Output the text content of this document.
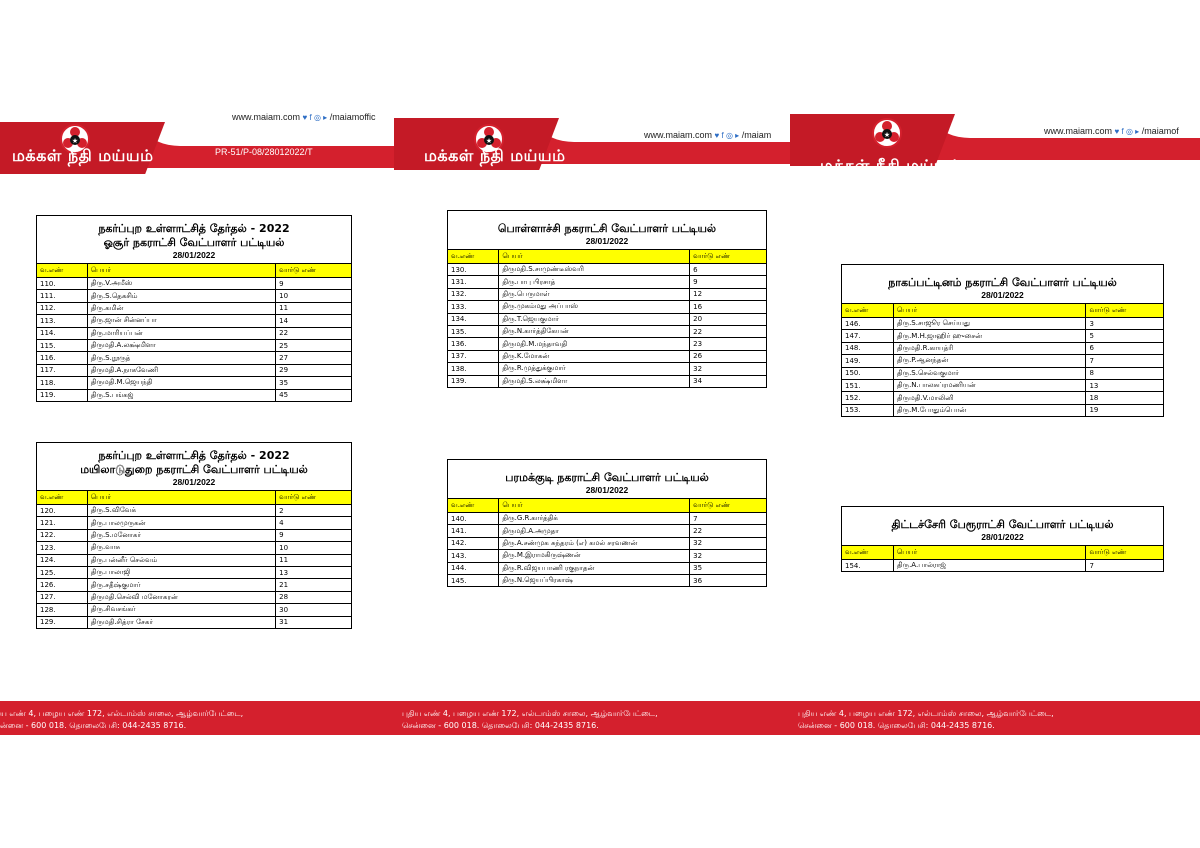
★
மக்கள் நீதி மய்யம்
www.maiam.com ♥ f ◎ ▸ /maiamoffic
PR-51/P-08/28012022/T
நகர்ப்புற உள்ளாட்சித் தேர்தல் - 2022
ஓசூர் நகராட்சி வேட்பாளர் பட்டியல்
28/01/2022
வ.எண்	பெயர்	வார்டு எண்
110.	திரு.V.அமீஸ்	9
111.	திரு.S.தெகசிம்	10
112.	திரு.கமின்	11
113.	திரு.ஜான் சின்னப்பா	14
114.	திரு.மாரியப்பன்	22
115.	திருமதி.A.லக்ஷ்மிளா	25
116.	திரு.S.நூருத்	27
117.	திருமதி.A.நாகவேணி	29
118.	திருமதி.M.ஜெயந்தி	35
119.	திரு.S.பங்கஜ்	45
நகர்ப்புற உள்ளாட்சித் தேர்தல் - 2022
மயிலாடுதுறை நகராட்சி வேட்பாளர் பட்டியல்
28/01/2022
வ.எண்	பெயர்	வார்டு எண்
120.	திரு.S.விவேக்	2
121.	திரு.பாலமுருகன்	4
122.	திரு.S.மனோகர்	9
123.	திரு.வாசு	10
124.	திரு.பன்னீர் செல்வம்	11
125.	திரு.பாலாஜி	13
126.	திரு.சதீஷ்குமார்	21
127.	திருமதி.செல்வி மனோகரன்	28
128.	திரு.சிவசங்கர்	30
129.	திருமதி.சித்ரா சேகர்	31
ய எண் 4, பழைய எண் 172, எல்டாம்ஸ் சாலை, ஆழ்வார்பேட்டை,
ன்னை - 600 018. தொலைபேசி: 044-2435 8716.
★
மக்கள் நீதி மய்யம்
www.maiam.com ♥ f ◎ ▸ /maiam
PR-51/P-08/28012022/T
பொள்ளாச்சி நகராட்சி வேட்பாளர் பட்டியல்
28/01/2022
வ.எண்	பெயர்	வார்டு எண்
130.	திருமதி.S.சாமுண்டீஸ்வரி	6
131.	திரு.பாபு பிரசாத்	9
132.	திரு.பெருமாள்	12
133.	திரு.முகம்மது அப்பாஸ்	16
134.	திரு.T.ஜெயகுமார்	20
135.	திரு.N.கார்த்திகேயன்	22
136.	திருமதி.M.மந்தாவதி	23
137.	திரு.K.மோகன்	26
138.	திரு.R.முத்துக்குமார்	32
139.	திருமதி.S.லக்ஷ்மிளா	34
பரமக்குடி நகராட்சி வேட்பாளர் பட்டியல்
28/01/2022
வ.எண்	பெயர்	வார்டு எண்
140.	திரு.G.R.கார்த்திக்	7
141.	திருமதி.A.அமுதா	22
142.	திரு.A.சண்முக சுந்தரம் (எ) கமல் சரவணன்	32
143.	திரு.M.இராமகிருஷ்ணன்	32
144.	திரு.R.விஜயபாணி ரகுநாதன்	35
145.	திரு.N.ஜெயப்பிரகாஷ்	36
புதிய எண் 4, பழைய எண் 172, எல்டாம்ஸ் சாலை, ஆழ்வார்பேட்டை,
சென்னை - 600 018. தொலைபேசி: 044-2435 8716.
★
மக்கள் நீதி மய்யம்
www.maiam.com ♥ f ◎ ▸ /maiamof
PR-51/P-08/28012022/T
நாகப்பட்டினம் நகராட்சி வேட்பாளர் பட்டியல்
28/01/2022
வ.எண்	பெயர்	வார்டு எண்
146.	திரு.S.சாஜூர செய்யது	3
147.	திரு.M.H.ஜாஹிர் ஹுசைன்	5
148.	திருமதி.R.காயத்ரி	6
149.	திரு.P.ஆனந்தன்	7
150.	திரு.S.செல்வகுமார்	8
151.	திரு.N.பாலசுப்ரமணியன்	13
152.	திருமதி.V.மாலினி	18
153.	திரு.M.போதும்பொன்	19
திட்டச்சேரி பேரூராட்சி வேட்பாளர் பட்டியல்
28/01/2022
வ.எண்	பெயர்	வார்டு எண்
154.	திரு.A.பால்ராஜ்	7
புதிய எண் 4, பழைய எண் 172, எல்டாம்ஸ் சாலை, ஆழ்வார்பேட்டை,
சென்னை - 600 018. தொலைபேசி: 044-2435 8716.
